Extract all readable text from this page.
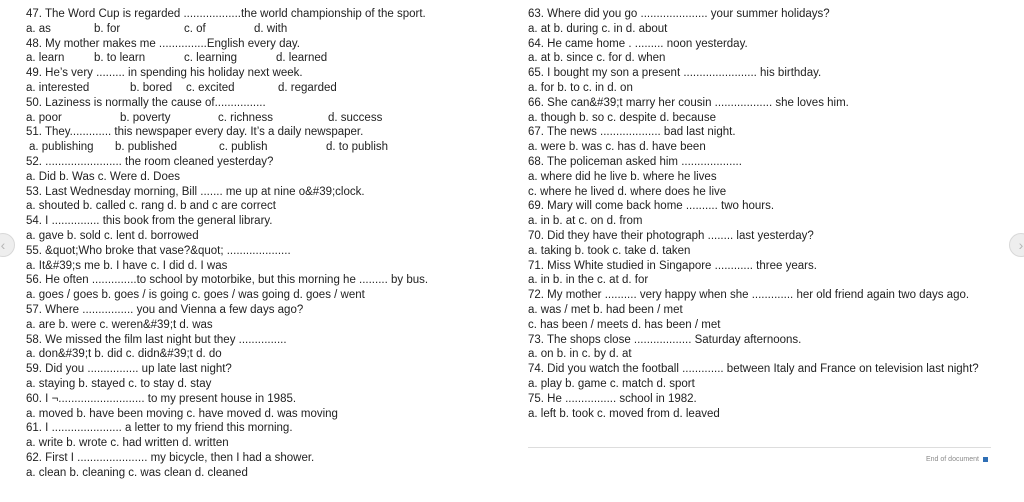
47. The Word Cup is regarded ..................the world championship of the sport.
a. as	b. for	c. of	d. with
48. My mother makes me ...............English every day.
a. learn	b. to learn	c. learning	d. learned
49. He’s very ......... in spending his holiday next week.
a. interested	b. bored	c. excited	d. regarded
50. Laziness is normally the cause of................
a. poor	b. poverty	c. richness	d. success
51. They............. this newspaper every day. It’s a daily newspaper.
a. publishing	b. published	c. publish	d. to publish
52. ........................ the room cleaned yesterday?
a. Did b. Was c. Were d. Does
53. Last Wednesday morning, Bill ....... me up at nine o&#39;clock.
a. shouted b. called c. rang d. b and c are correct
54. I ............... this book from the general library.
a. gave b. sold c. lent d. borrowed
55. &quot;Who broke that vase?&quot; ....................
a. It&#39;s me b. I have c. I did d. I was
56. He often ..............to school by motorbike, but this morning he ......... by bus.
a. goes / goes b. goes / is going c. goes / was going d. goes / went
57. Where ................ you and Vienna a few days ago?
a. are b. were c. weren&#39;t d. was
58. We missed the film last night but they ...............
a. don&#39;t b. did c. didn&#39;t d. do
59. Did you ................ up late last night?
a. staying b. stayed c. to stay d. stay
60. I ¬........................... to my present house in 1985.
a. moved b. have been moving c. have moved d. was moving
61. I ...................... a letter to my friend this morning.
a. write b. wrote c. had written d. written
62. First I ...................... my bicycle, then I had a shower.
a. clean b. cleaning c. was clean d. cleaned
63. Where did you go ..................... your summer holidays?
a. at b. during c. in d. about
64. He came home . ......... noon yesterday.
a. at b. since c. for d. when
65. I bought my son a present ....................... his birthday.
a. for b. to c. in d. on
66. She can&#39;t marry her cousin .................. she loves him.
a. though b. so c. despite d. because
67. The news ................... bad last night.
a. were b. was c. has d. have been
68. The policeman asked him ...................
a. where did he live b. where he lives
c. where he lived d. where does he live
69. Mary will come back home .......... two hours.
a. in b. at c. on d. from
70. Did they have their photograph ........ last yesterday?
a. taking b. took c. take d. taken
71. Miss White studied in Singapore ............ three years.
a. in b. in the c. at d. for
72. My mother .......... very happy when she ............. her old friend again two days ago.
a. was / met b. had been / met
c. has been / meets d. has been / met
73. The shops close .................. Saturday afternoons.
a. on b. in c. by d. at
74. Did you watch the football ............. between Italy and France on television last night?
a. play b. game c. match d. sport
75. He ................ school in 1982.
a. left b. took c. moved from d. leaved
‹	›
End of document
